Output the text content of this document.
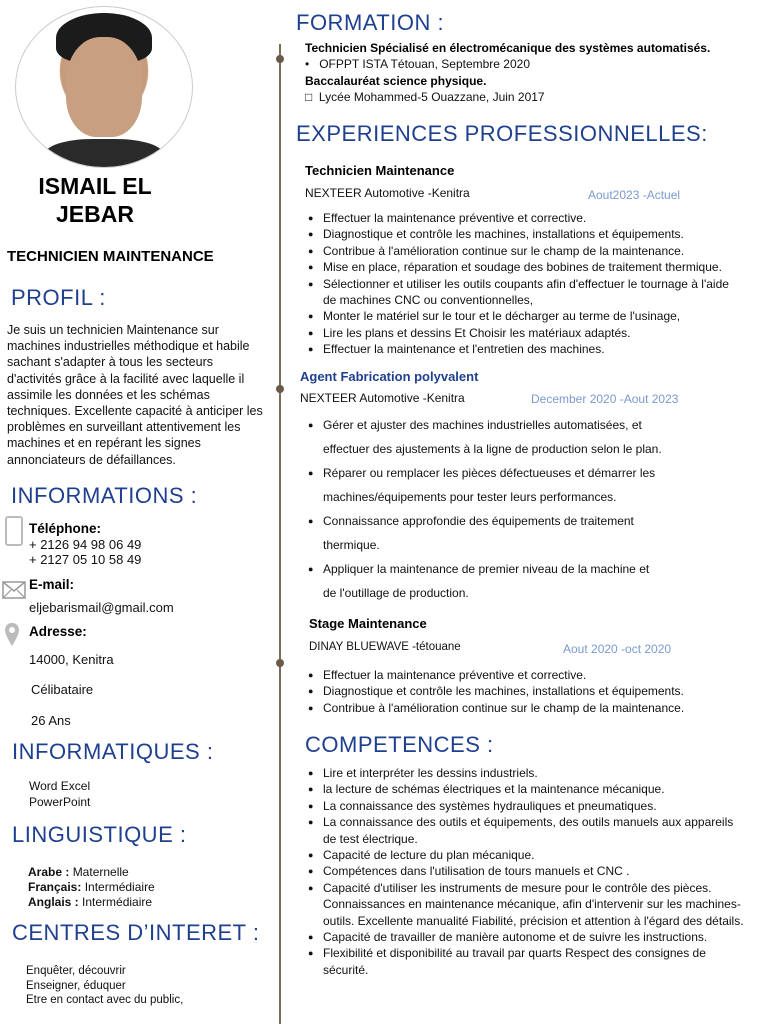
ISMAIL EL JEBAR
TECHNICIEN MAINTENANCE
PROFIL :
Je suis un technicien Maintenance sur machines industrielles méthodique et habile sachant s'adapter à tous les secteurs d'activités grâce à la facilité avec laquelle il assimile les données et les schémas techniques. Excellente capacité à anticiper les problèmes en surveillant attentivement les machines et en repérant les signes annonciateurs de défaillances.
INFORMATIONS :
Téléphone:
+ 2126 94 98 06 49
+ 2127 05 10 58 49
E-mail:
eljebarismail@gmail.com
Adresse:
14000, Kenitra
Célibataire
26 Ans
INFORMATIQUES :
Word Excel
PowerPoint
LINGUISTIQUE :
Arabe : Maternelle
Français: Intermédiaire
Anglais : Intermédiaire
CENTRES D’INTERET :
Enquêter, découvrir
Enseigner, éduquer
Etre en contact avec du public,
FORMATION :
Technicien Spécialisé en électromécanique des systèmes automatisés.
•   OFPPT ISTA Tétouan, Septembre 2020
Baccalauréat science physique.
□  Lycée Mohammed-5 Ouazzane, Juin 2017
EXPERIENCES PROFESSIONNELLES:
Technicien Maintenance
NEXTEER Automotive -Kenitra	Aout2023 -Actuel
● Effectuer la maintenance préventive et corrective.
● Diagnostique et contrôle les machines, installations et équipements.
● Contribue à l'amélioration continue sur le champ de la maintenance.
● Mise en place, réparation et soudage des bobines de traitement thermique.
● Sélectionner et utiliser les outils coupants afin d'effectuer le tournage à l'aide de machines CNC ou conventionnelles,
● Monter le matériel sur le tour et le décharger au terme de l'usinage,
● Lire les plans et dessins Et Choisir les matériaux adaptés.
● Effectuer la maintenance et l'entretien des machines.
Agent Fabrication polyvalent
NEXTEER Automotive -Kenitra	December 2020 -Aout 2023
● Gérer et ajuster des machines industrielles automatisées, et effectuer des ajustements à la ligne de production selon le plan.
● Réparer ou remplacer les pièces défectueuses et démarrer les machines/équipements pour tester leurs performances.
● Connaissance approfondie des équipements de traitement thermique.
● Appliquer la maintenance de premier niveau de la machine et de l'outillage de production.
Stage Maintenance
DINAY BLUEWAVE -tétouane	Aout 2020 -oct 2020
● Effectuer la maintenance préventive et corrective.
● Diagnostique et contrôle les machines, installations et équipements.
● Contribue à l'amélioration continue sur le champ de la maintenance.
COMPETENCES :
● Lire et interpréter les dessins industriels.
● la lecture de schémas électriques et la maintenance mécanique.
● La connaissance des systèmes hydrauliques et pneumatiques.
● La connaissance des outils et équipements, des outils manuels aux appareils de test électrique.
● Capacité de lecture du plan mécanique.
● Compétences dans l'utilisation de tours manuels et CNC .
● Capacité d'utiliser les instruments de mesure pour le contrôle des pièces. Connaissances en maintenance mécanique, afin d'intervenir sur les machines-outils. Excellente manualité Fiabilité, précision et attention à l'égard des détails.
● Capacité de travailler de manière autonome et de suivre les instructions.
● Flexibilité et disponibilité au travail par quarts Respect des consignes de sécurité.
